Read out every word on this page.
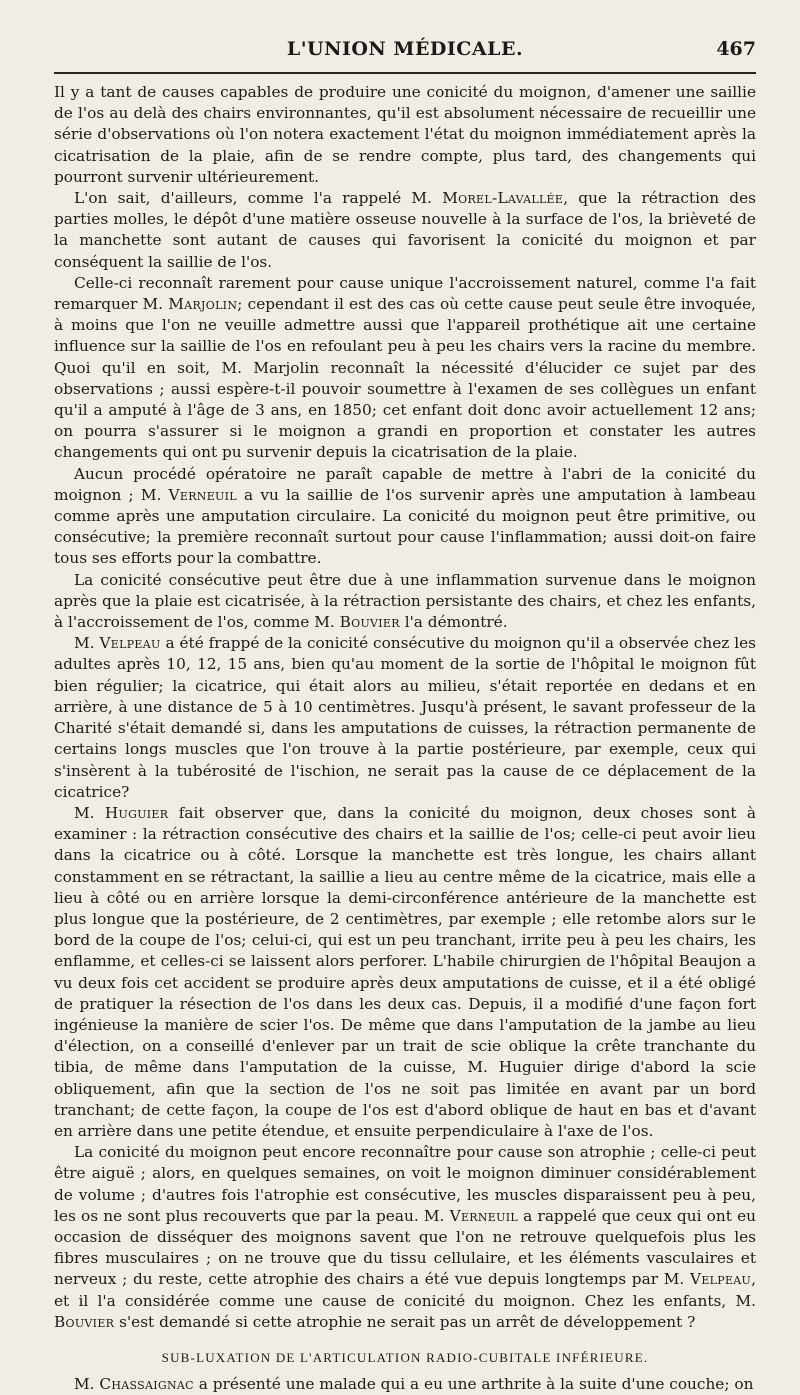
L'UNION MÉDICALE.	467

Il y a tant de causes capables de produire une conicité du moignon, d'amener une saillie de l'os au delà des chairs environnantes, qu'il est absolument nécessaire de recueillir une série d'observations où l'on notera exactement l'état du moignon immédiatement après la cicatrisation de la plaie, afin de se rendre compte, plus tard, des changements qui pourront survenir ultérieurement.

L'on sait, d'ailleurs, comme l'a rappelé M. Morel-Lavallée, que la rétraction des parties molles, le dépôt d'une matière osseuse nouvelle à la surface de l'os, la brièveté de la manchette sont autant de causes qui favorisent la conicité du moignon et par conséquent la saillie de l'os.

Celle-ci reconnaît rarement pour cause unique l'accroissement naturel, comme l'a fait remarquer M. Marjolin; cependant il est des cas où cette cause peut seule être invoquée, à moins que l'on ne veuille admettre aussi que l'appareil prothétique ait une certaine influence sur la saillie de l'os en refoulant peu à peu les chairs vers la racine du membre. Quoi qu'il en soit, M. Marjolin reconnaît la nécessité d'élucider ce sujet par des observations ; aussi espère-t-il pouvoir soumettre à l'examen de ses collègues un enfant qu'il a amputé à l'âge de 3 ans, en 1850; cet enfant doit donc avoir actuellement 12 ans; on pourra s'assurer si le moignon a grandi en proportion et constater les autres changements qui ont pu survenir depuis la cicatrisation de la plaie.

Aucun procédé opératoire ne paraît capable de mettre à l'abri de la conicité du moignon ; M. Verneuil a vu la saillie de l'os survenir après une amputation à lambeau comme après une amputation circulaire. La conicité du moignon peut être primitive, ou consécutive; la première reconnaît surtout pour cause l'inflammation; aussi doit-on faire tous ses efforts pour la combattre.

La conicité consécutive peut être due à une inflammation survenue dans le moignon après que la plaie est cicatrisée, à la rétraction persistante des chairs, et chez les enfants, à l'accroissement de l'os, comme M. Bouvier l'a démontré.

M. Velpeau a été frappé de la conicité consécutive du moignon qu'il a observée chez les adultes après 10, 12, 15 ans, bien qu'au moment de la sortie de l'hôpital le moignon fût bien régulier; la cicatrice, qui était alors au milieu, s'était reportée en dedans et en arrière, à une distance de 5 à 10 centimètres. Jusqu'à présent, le savant professeur de la Charité s'était demandé si, dans les amputations de cuisses, la rétraction permanente de certains longs muscles que l'on trouve à la partie postérieure, par exemple, ceux qui s'insèrent à la tubérosité de l'ischion, ne serait pas la cause de ce déplacement de la cicatrice?

M. Huguier fait observer que, dans la conicité du moignon, deux choses sont à examiner : la rétraction consécutive des chairs et la saillie de l'os; celle-ci peut avoir lieu dans la cicatrice ou à côté. Lorsque la manchette est très longue, les chairs allant constamment en se rétractant, la saillie a lieu au centre même de la cicatrice, mais elle a lieu à côté ou en arrière lorsque la demi-circonférence antérieure de la manchette est plus longue que la postérieure, de 2 centimètres, par exemple ; elle retombe alors sur le bord de la coupe de l'os; celui-ci, qui est un peu tranchant, irrite peu à peu les chairs, les enflamme, et celles-ci se laissent alors perforer. L'habile chirurgien de l'hôpital Beaujon a vu deux fois cet accident se produire après deux amputations de cuisse, et il a été obligé de pratiquer la résection de l'os dans les deux cas. Depuis, il a modifié d'une façon fort ingénieuse la manière de scier l'os. De même que dans l'amputation de la jambe au lieu d'élection, on a conseillé d'enlever par un trait de scie oblique la crête tranchante du tibia, de même dans l'amputation de la cuisse, M. Huguier dirige d'abord la scie obliquement, afin que la section de l'os ne soit pas limitée en avant par un bord tranchant; de cette façon, la coupe de l'os est d'abord oblique de haut en bas et d'avant en arrière dans une petite étendue, et ensuite perpendiculaire à l'axe de l'os.

La conicité du moignon peut encore reconnaître pour cause son atrophie ; celle-ci peut être aiguë ; alors, en quelques semaines, on voit le moignon diminuer considérablement de volume ; d'autres fois l'atrophie est consécutive, les muscles disparaissent peu à peu, les os ne sont plus recouverts que par la peau. M. Verneuil a rappelé que ceux qui ont eu occasion de disséquer des moignons savent que l'on ne retrouve quelquefois plus les fibres musculaires ; on ne trouve que du tissu cellulaire, et les éléments vasculaires et nerveux ; du reste, cette atrophie des chairs a été vue depuis longtemps par M. Velpeau, et il l'a considérée comme une cause de conicité du moignon. Chez les enfants, M. Bouvier s'est demandé si cette atrophie ne serait pas un arrêt de développement ?

SUB-LUXATION DE L'ARTICULATION RADIO-CUBITALE INFÉRIEURE.

M. Chassaignac a présenté une malade qui a eu une arthrite à la suite d'une couche; on
